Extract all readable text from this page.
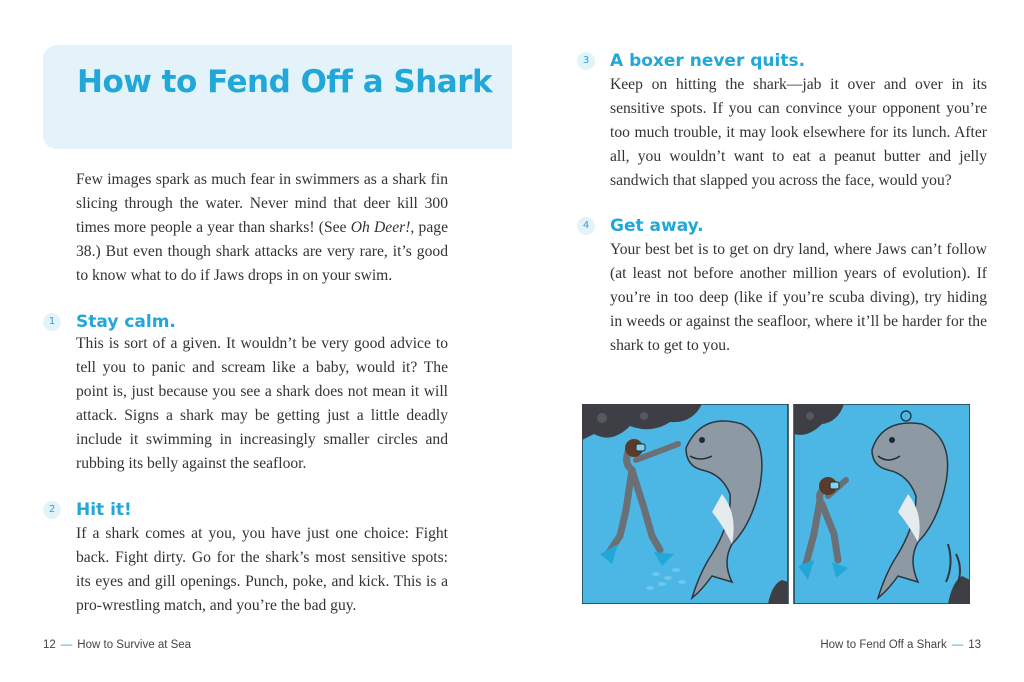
How to Fend Off a Shark

Few images spark as much fear in swimmers as a shark fin slicing through the water. Never mind that deer kill 300 times more people a year than sharks! (See Oh Deer!, page 38.) But even though shark attacks are very rare, it’s good to know what to do if Jaws drops in on your swim.

1	Stay calm.

This is sort of a given. It wouldn’t be very good advice to tell you to panic and scream like a baby, would it? The point is, just because you see a shark does not mean it will attack. Signs a shark may be getting just a little deadly include it swimming in increasingly smaller circles and rubbing its belly against the seafloor.

2	Hit it!

If a shark comes at you, you have just one choice: Fight back. Fight dirty. Go for the shark’s most sensitive spots: its eyes and gill openings. Punch, poke, and kick. This is a pro-wrestling match, and you’re the bad guy.

12 — How to Survive at Sea
3	A boxer never quits.

Keep on hitting the shark—jab it over and over in its sensitive spots. If you can convince your opponent you’re too much trouble, it may look elsewhere for its lunch. After all, you wouldn’t want to eat a peanut butter and jelly sandwich that slapped you across the face, would you?

4	Get away.

Your best bet is to get on dry land, where Jaws can’t follow (at least not before another million years of evolution). If you’re in too deep (like if you’re scuba diving), try hiding in weeds or against the seafloor, where it’ll be harder for the shark to get to you.

How to Fend Off a Shark — 13
